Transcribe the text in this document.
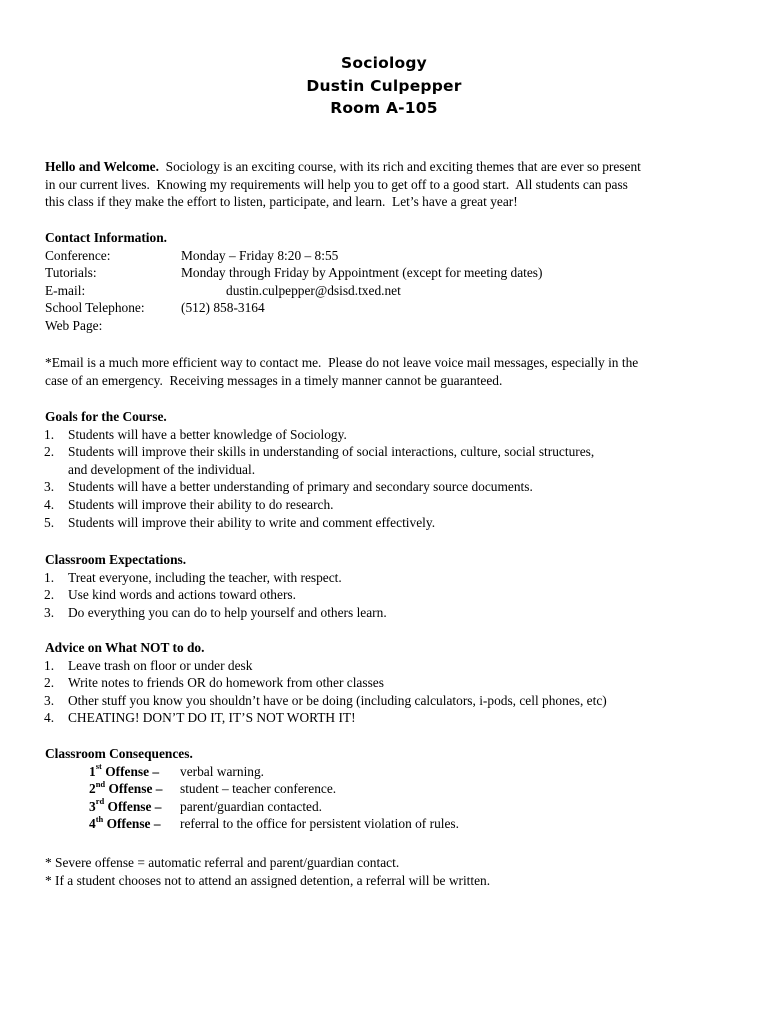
Sociology
Dustin Culpepper
Room A-105
Hello and Welcome.  Sociology is an exciting course, with its rich and exciting themes that are ever so present
in our current lives.  Knowing my requirements will help you to get off to a good start.  All students can pass
this class if they make the effort to listen, participate, and learn.  Let’s have a great year!
Contact Information.
Conference:	Monday – Friday 8:20 – 8:55
Tutorials:	Monday through Friday by Appointment (except for meeting dates)
E-mail:	dustin.culpepper@dsisd.txed.net
School Telephone:	(512) 858-3164
Web Page:
*Email is a much more efficient way to contact me.  Please do not leave voice mail messages, especially in the
case of an emergency.  Receiving messages in a timely manner cannot be guaranteed.
Goals for the Course.
1. Students will have a better knowledge of Sociology.
2. Students will improve their skills in understanding of social interactions, culture, social structures,
and development of the individual.
3. Students will have a better understanding of primary and secondary source documents.
4. Students will improve their ability to do research.
5. Students will improve their ability to write and comment effectively.
Classroom Expectations.
1. Treat everyone, including the teacher, with respect.
2. Use kind words and actions toward others.
3. Do everything you can do to help yourself and others learn.
Advice on What NOT to do.
1. Leave trash on floor or under desk
2. Write notes to friends OR do homework from other classes
3. Other stuff you know you shouldn’t have or be doing (including calculators, i-pods, cell phones, etc)
4. CHEATING! DON’T DO IT, IT’S NOT WORTH IT!
Classroom Consequences.
1st Offense – verbal warning.
2nd Offense – student – teacher conference.
3rd Offense – parent/guardian contacted.
4th Offense – referral to the office for persistent violation of rules.
* Severe offense = automatic referral and parent/guardian contact.
* If a student chooses not to attend an assigned detention, a referral will be written.
